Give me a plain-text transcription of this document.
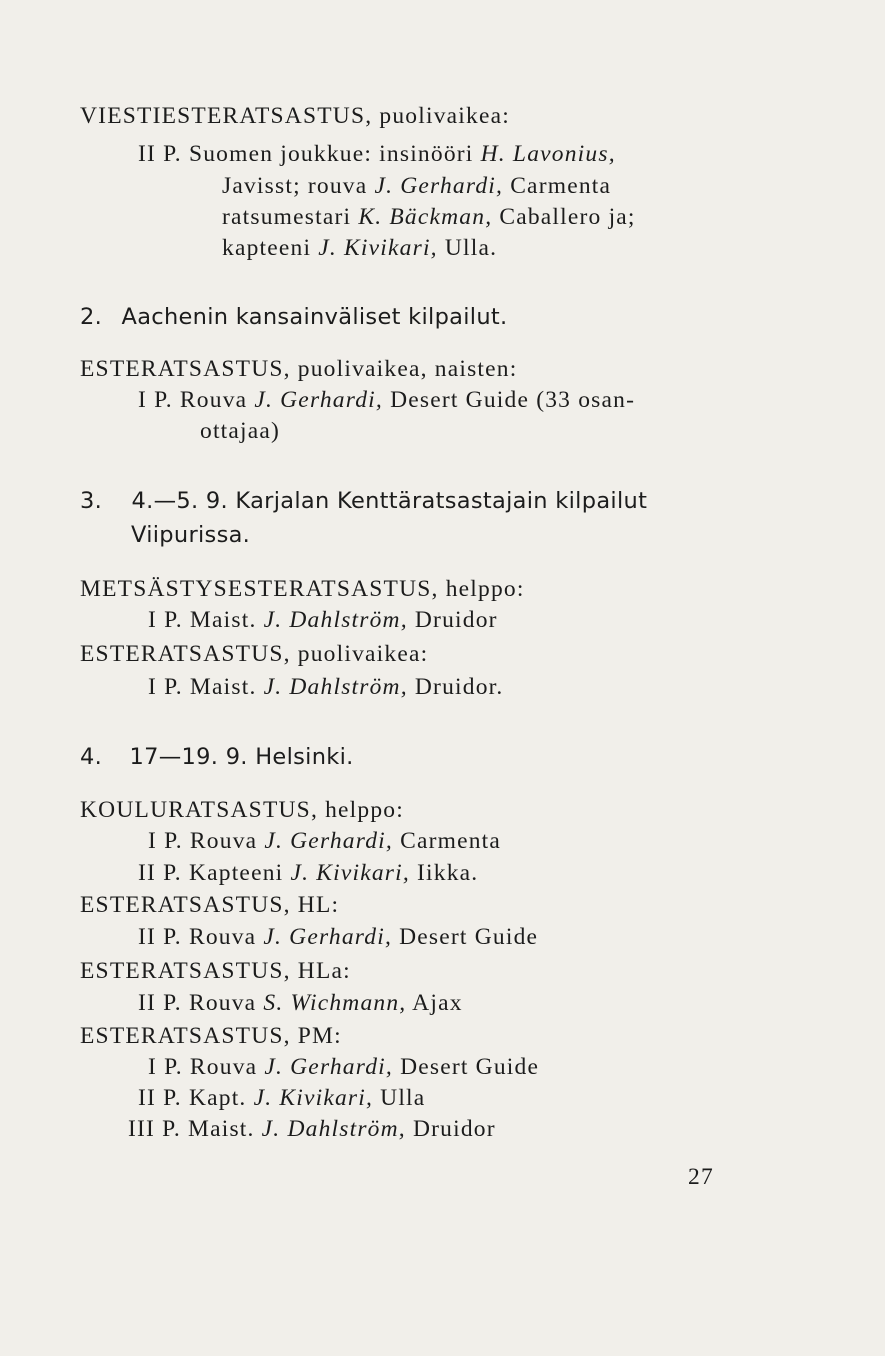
VIESTIESTERATSASTUS, puolivaikea:
II P. Suomen joukkue: insinööri H. Lavonius,
Javisst; rouva J. Gerhardi, Carmenta
ratsumestari K. Bäckman, Caballero ja;
kapteeni J. Kivikari, Ulla.
2. Aachenin kansainväliset kilpailut.
ESTERATSASTUS, puolivaikea, naisten:
I P. Rouva J. Gerhardi, Desert Guide (33 osan-
ottajaa)
3. 4.—5. 9. Karjalan Kenttäratsastajain kilpailut
Viipurissa.
METSÄSTYSESTERATSASTUS, helppo:
I P. Maist. J. Dahlström, Druidor
ESTERATSASTUS, puolivaikea:
I P. Maist. J. Dahlström, Druidor.
4. 17—19. 9. Helsinki.
KOULURATSASTUS, helppo:
I P. Rouva J. Gerhardi, Carmenta
II P. Kapteeni J. Kivikari, Iikka.
ESTERATSASTUS, HL:
II P. Rouva J. Gerhardi, Desert Guide
ESTERATSASTUS, HLa:
II P. Rouva S. Wichmann, Ajax
ESTERATSASTUS, PM:
I P. Rouva J. Gerhardi, Desert Guide
II P. Kapt. J. Kivikari, Ulla
III P. Maist. J. Dahlström, Druidor
27
